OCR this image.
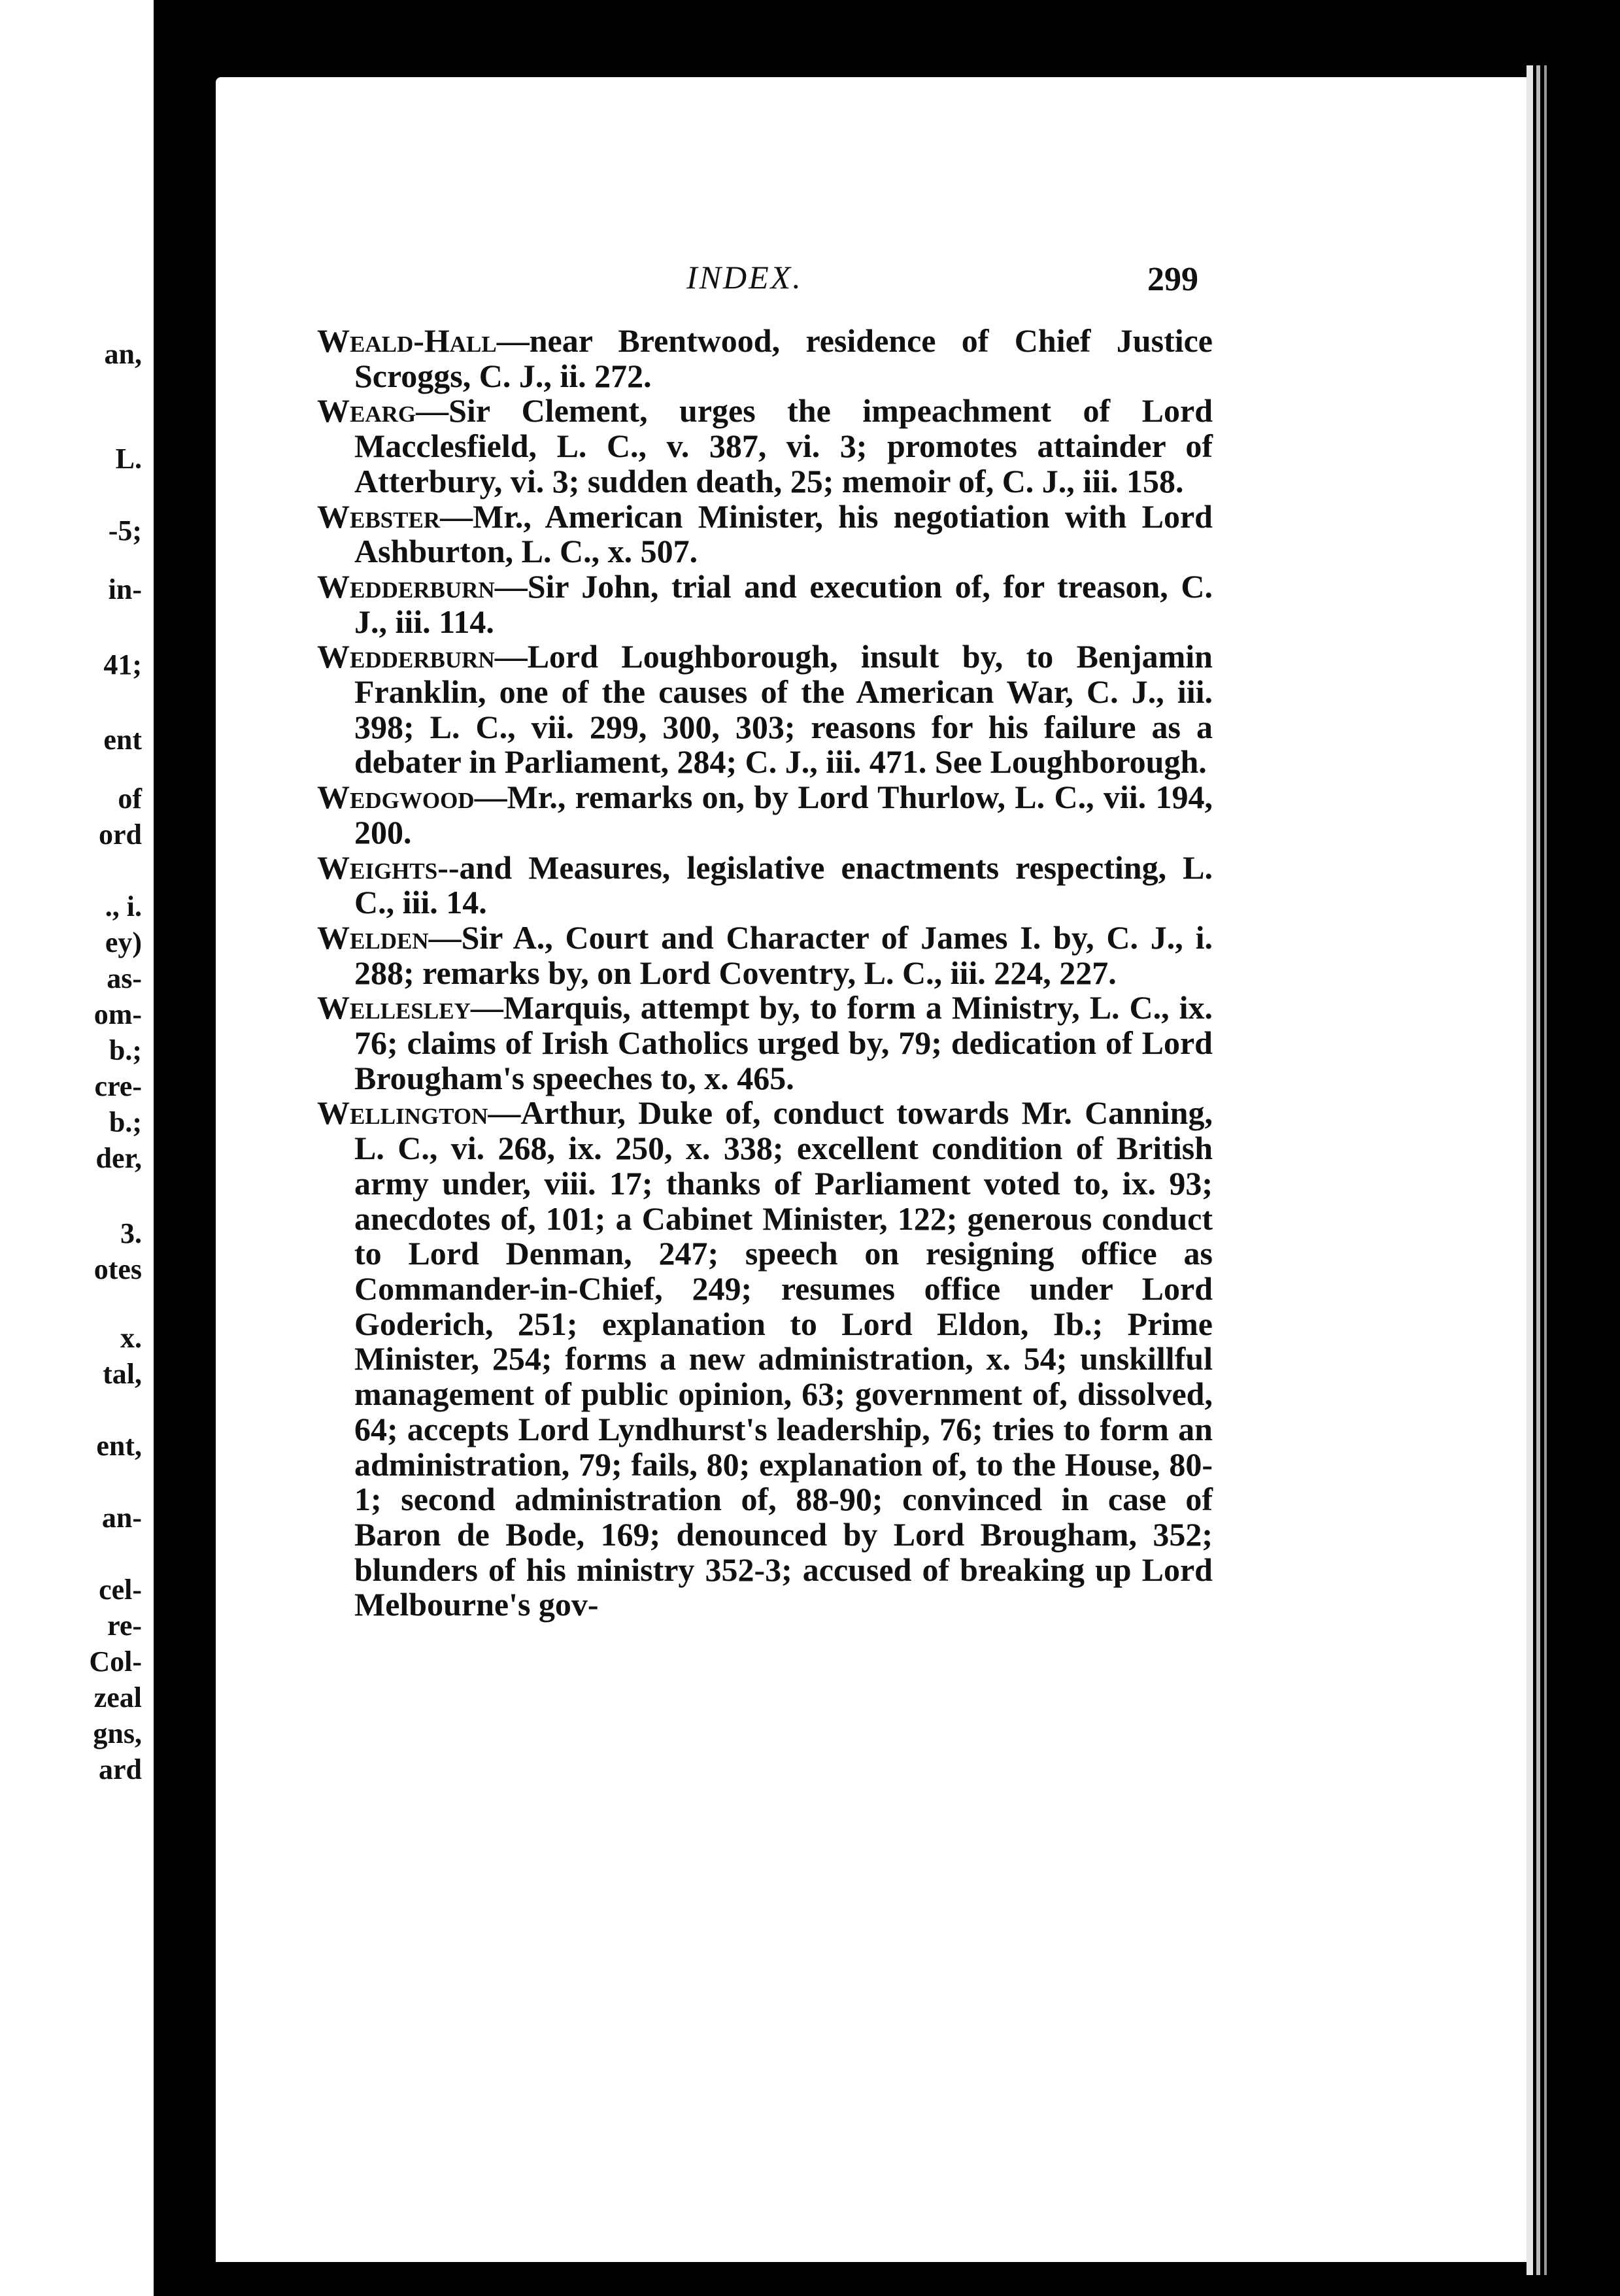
an,
L.
-5;
in-
41;
ent
of
ord
., i.
ey)
as-
om-
b.;
cre-
b.;
der,
3.
otes
x.
tal,
ent,
an-
cel-
re-
Col-
zeal
gns,
ard
INDEX.	299

Weald-Hall—near Brentwood, residence of Chief Justice Scroggs, C. J., ii. 272.

Wearg—Sir Clement, urges the impeachment of Lord Macclesfield, L. C., v. 387, vi. 3; promotes attainder of Atterbury, vi. 3; sudden death, 25; memoir of, C. J., iii. 158.

Webster—Mr., American Minister, his negotiation with Lord Ashburton, L. C., x. 507.

Wedderburn—Sir John, trial and execution of, for treason, C. J., iii. 114.

Wedderburn—Lord Loughborough, insult by, to Benjamin Franklin, one of the causes of the American War, C. J., iii. 398; L. C., vii. 299, 300, 303; reasons for his failure as a debater in Parliament, 284; C. J., iii. 471. See Loughborough.

Wedgwood—Mr., remarks on, by Lord Thurlow, L. C., vii. 194, 200.

Weights--and Measures, legislative enactments respecting, L. C., iii. 14.

Welden—Sir A., Court and Character of James I. by, C. J., i. 288; remarks by, on Lord Coventry, L. C., iii. 224, 227.

Wellesley—Marquis, attempt by, to form a Ministry, L. C., ix. 76; claims of Irish Catholics urged by, 79; dedication of Lord Brougham's speeches to, x. 465.

Wellington—Arthur, Duke of, conduct towards Mr. Canning, L. C., vi. 268, ix. 250, x. 338; excellent condition of British army under, viii. 17; thanks of Parliament voted to, ix. 93; anecdotes of, 101; a Cabinet Minister, 122; generous conduct to Lord Denman, 247; speech on resigning office as Commander-in-Chief, 249; resumes office under Lord Goderich, 251; explanation to Lord Eldon, Ib.; Prime Minister, 254; forms a new administration, x. 54; unskillful management of public opinion, 63; government of, dissolved, 64; accepts Lord Lyndhurst's leadership, 76; tries to form an administration, 79; fails, 80; explanation of, to the House, 80-1; second administration of, 88-90; convinced in case of Baron de Bode, 169; denounced by Lord Brougham, 352; blunders of his ministry 352-3; accused of breaking up Lord Melbourne's gov-
